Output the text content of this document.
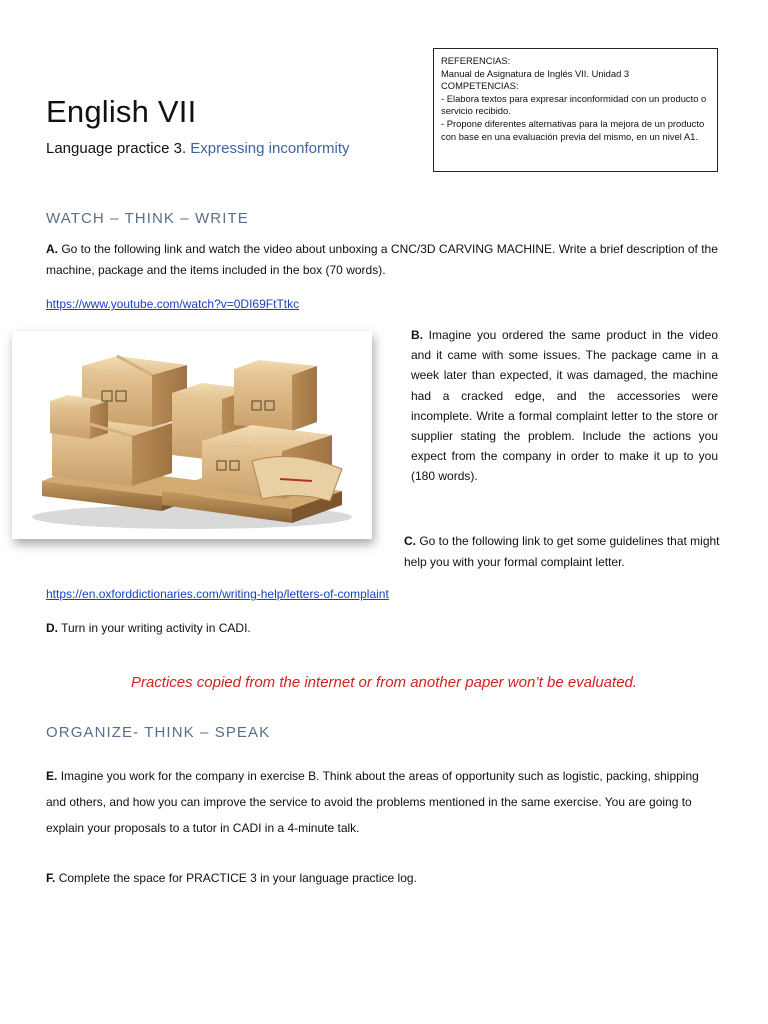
English VII
Language practice 3. Expressing inconformity
REFERENCIAS:
Manual de Asignatura de Inglés VII. Unidad 3
COMPETENCIAS:
- Elabora textos para expresar inconformidad con un producto o servicio recibido.
- Propone diferentes alternativas para la mejora de un producto con base en una evaluación previa del mismo, en un nivel A1.
WATCH – THINK – WRITE
A. Go to the following link and watch the video about unboxing a CNC/3D CARVING MACHINE. Write a brief description of the machine, package and the items included in the box (70 words).
https://www.youtube.com/watch?v=0DI69FtTtkc
B. Imagine you ordered the same product in the video and it came with some issues. The package came in a week later than expected, it was damaged, the machine had a cracked edge, and the accessories were incomplete. Write a formal complaint letter to the store or supplier stating the problem. Include the actions you expect from the company in order to make it up to you (180 words).
C. Go to the following link to get some guidelines that might help you with your formal complaint letter.
https://en.oxforddictionaries.com/writing-help/letters-of-complaint
D. Turn in your writing activity in CADI.
Practices copied from the internet or from another paper won’t be evaluated.
ORGANIZE- THINK – SPEAK
E. Imagine you work for the company in exercise B. Think about the areas of opportunity such as logistic, packing, shipping and others, and how you can improve the service to avoid the problems mentioned in the same exercise. You are going to explain your proposals to a tutor in CADI in a 4-minute talk.
F. Complete the space for PRACTICE 3 in your language practice log.
